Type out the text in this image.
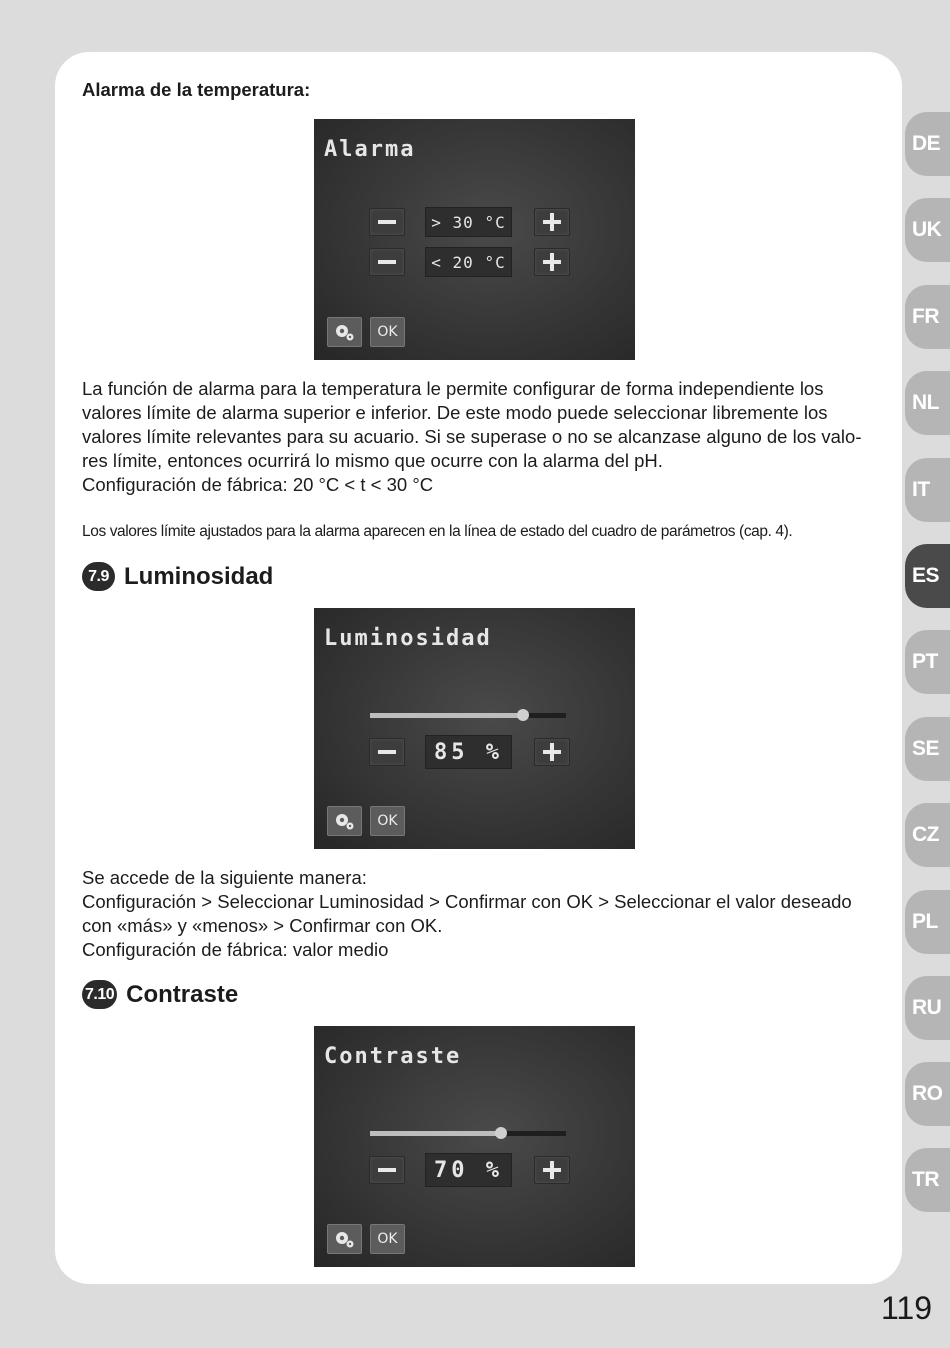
Alarma de la temperatura:
Alarma
> 30 °C
< 20 °C
OK
La función de alarma para la temperatura le permite configurar de forma independiente los
valores límite de alarma superior e inferior. De este modo puede seleccionar libremente los
valores límite relevantes para su acuario. Si se superase o no se alcanzase alguno de los valo-
res límite, entonces ocurrirá lo mismo que ocurre con la alarma del pH.
Configuración de fábrica: 20 °C < t < 30 °C
Los valores límite ajustados para la alarma aparecen en la línea de estado del cuadro de parámetros (cap. 4).
7.9 Luminosidad
Luminosidad
85 %
OK
Se accede de la siguiente manera:
Configuración > Seleccionar Luminosidad > Confirmar con OK > Seleccionar el valor deseado
con «más» y «menos» > Confirmar con OK.
Configuración de fábrica: valor medio
7.10 Contraste
Contraste
70 %
OK
DE
UK
FR
NL
IT
ES
PT
SE
CZ
PL
RU
RO
TR
119
